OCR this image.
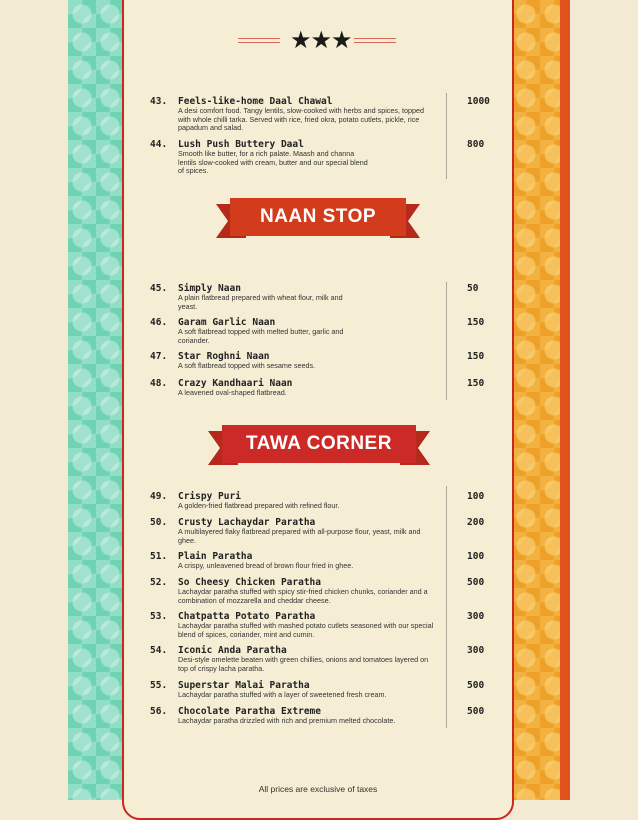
★★★
NAAN STOP
TAWA CORNER
43.	Feels-like-home Daal Chawal
A desi comfort food. Tangy lentils, slow-cooked with herbs and spices, topped with whole chilli tarka. Served with rice, fried okra, potato cutlets, pickle, rice papadum and salad.
1000
44.	Lush Push Buttery Daal
Smooth like butter, for a rich palate. Maash and channa lentils slow-cooked with cream, butter and our special blend of spices.
800
45.	Simply Naan
A plain flatbread prepared with wheat flour, milk and yeast.
50
46.	Garam Garlic Naan
A soft flatbread topped with melted butter, garlic and coriander.
150
47.	Star Roghni Naan
A soft flatbread topped with sesame seeds.
150
48.	Crazy Kandhaari Naan
A leavened oval-shaped flatbread.
150
49.	Crispy Puri
A golden-fried flatbread prepared with refined flour.
100
50.	Crusty Lachaydar Paratha
A multilayered flaky flatbread prepared with all-purpose flour, yeast, milk and ghee.
200
51.	Plain Paratha
A crispy, unleavened bread of brown flour fried in ghee.
100
52.	So Cheesy Chicken Paratha
Lachaydar paratha stuffed with spicy stir-fried chicken chunks, coriander and a combination of mozzarella and cheddar cheese.
500
53.	Chatpatta Potato Paratha
Lachaydar paratha stuffed with mashed potato cutlets seasoned with our special blend of spices, coriander, mint and cumin.
300
54.	Iconic Anda Paratha
Desi-style omelette beaten with green chillies, onions and tomatoes layered on top of crispy lacha paratha.
300
55.	Superstar Malai Paratha
Lachaydar paratha stuffed with a layer of sweetened fresh cream.
500
56.	Chocolate Paratha Extreme
Lachaydar paratha drizzled with rich and premium melted chocolate.
500
All prices are exclusive of taxes
